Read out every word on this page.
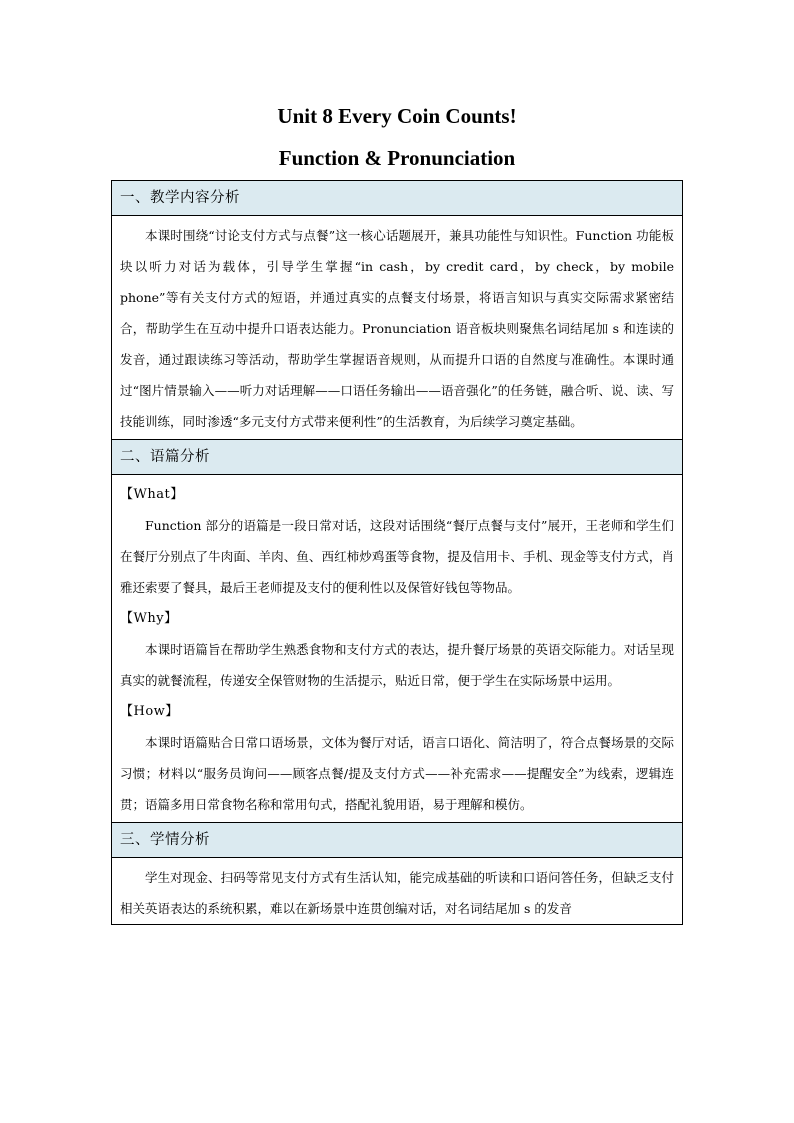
Unit 8 Every Coin Counts!
Function & Pronunciation
一、教学内容分析

本课时围绕“讨论支付方式与点餐”这一核心话题展开，兼具功能性与知识性。Function 功能板块以听力对话为载体，引导学生掌握“in cash，by credit card，by check，by mobile phone”等有关支付方式的短语，并通过真实的点餐支付场景，将语言知识与真实交际需求紧密结合，帮助学生在互动中提升口语表达能力。Pronunciation 语音板块则聚焦名词结尾加 s 和连读的发音，通过跟读练习等活动，帮助学生掌握语音规则，从而提升口语的自然度与准确性。本课时通过“图片情景输入——听力对话理解——口语任务输出——语音强化”的任务链，融合听、说、读、写技能训练，同时渗透“多元支付方式带来便利性”的生活教育，为后续学习奠定基础。

二、语篇分析

【What】

Function 部分的语篇是一段日常对话，这段对话围绕“餐厅点餐与支付”展开，王老师和学生们在餐厅分别点了牛肉面、羊肉、鱼、西红柿炒鸡蛋等食物，提及信用卡、手机、现金等支付方式，肖雅还索要了餐具，最后王老师提及支付的便利性以及保管好钱包等物品。

【Why】

本课时语篇旨在帮助学生熟悉食物和支付方式的表达，提升餐厅场景的英语交际能力。对话呈现真实的就餐流程，传递安全保管财物的生活提示，贴近日常，便于学生在实际场景中运用。

【How】

本课时语篇贴合日常口语场景，文体为餐厅对话，语言口语化、简洁明了，符合点餐场景的交际习惯；材料以“服务员询问——顾客点餐/提及支付方式——补充需求——提醒安全”为线索，逻辑连贯；语篇多用日常食物名称和常用句式，搭配礼貌用语，易于理解和模仿。

三、学情分析

学生对现金、扫码等常见支付方式有生活认知，能完成基础的听读和口语问答任务，但缺乏支付相关英语表达的系统积累，难以在新场景中连贯创编对话，对名词结尾加 s 的发音
